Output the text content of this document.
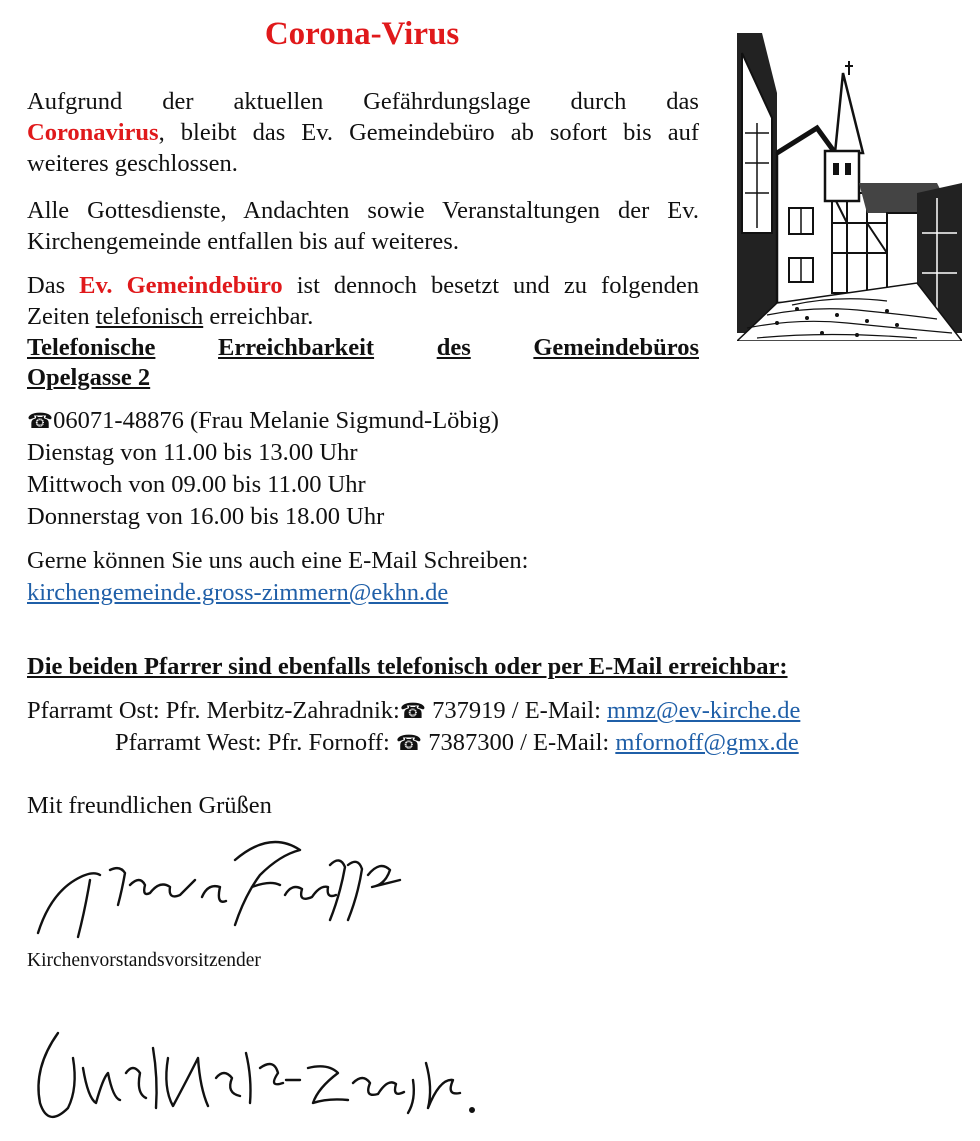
Corona-Virus
Aufgrund der aktuellen Gefährdungslage durch das
Coronavirus, bleibt das Ev. Gemeindebüro ab sofort bis auf weiteres geschlossen.
Alle Gottesdienste, Andachten sowie Veranstaltungen der Ev. Kirchengemeinde entfallen bis auf weiteres.
Das Ev. Gemeindebüro ist dennoch besetzt und zu folgenden Zeiten telefonisch erreichbar.
Telefonische	Erreichbarkeit	des	Gemeindebüros
Opelgasse 2
☎06071-48876 (Frau Melanie Sigmund-Löbig)
Dienstag von 11.00 bis 13.00 Uhr
Mittwoch von 09.00 bis 11.00 Uhr
Donnerstag von 16.00 bis 18.00 Uhr
Gerne können Sie uns auch eine E-Mail Schreiben:
kirchengemeinde.gross-zimmern@ekhn.de
Die beiden Pfarrer sind ebenfalls telefonisch oder per E-Mail erreichbar:
Pfarramt Ost: Pfr. Merbitz-Zahradnik:☎ 737919 / E-Mail: mmz@ev-kirche.de
Pfarramt West: Pfr. Fornoff: ☎ 7387300 / E-Mail: mfornoff@gmx.de
Mit freundlichen Grüßen
Kirchenvorstandsvorsitzender
